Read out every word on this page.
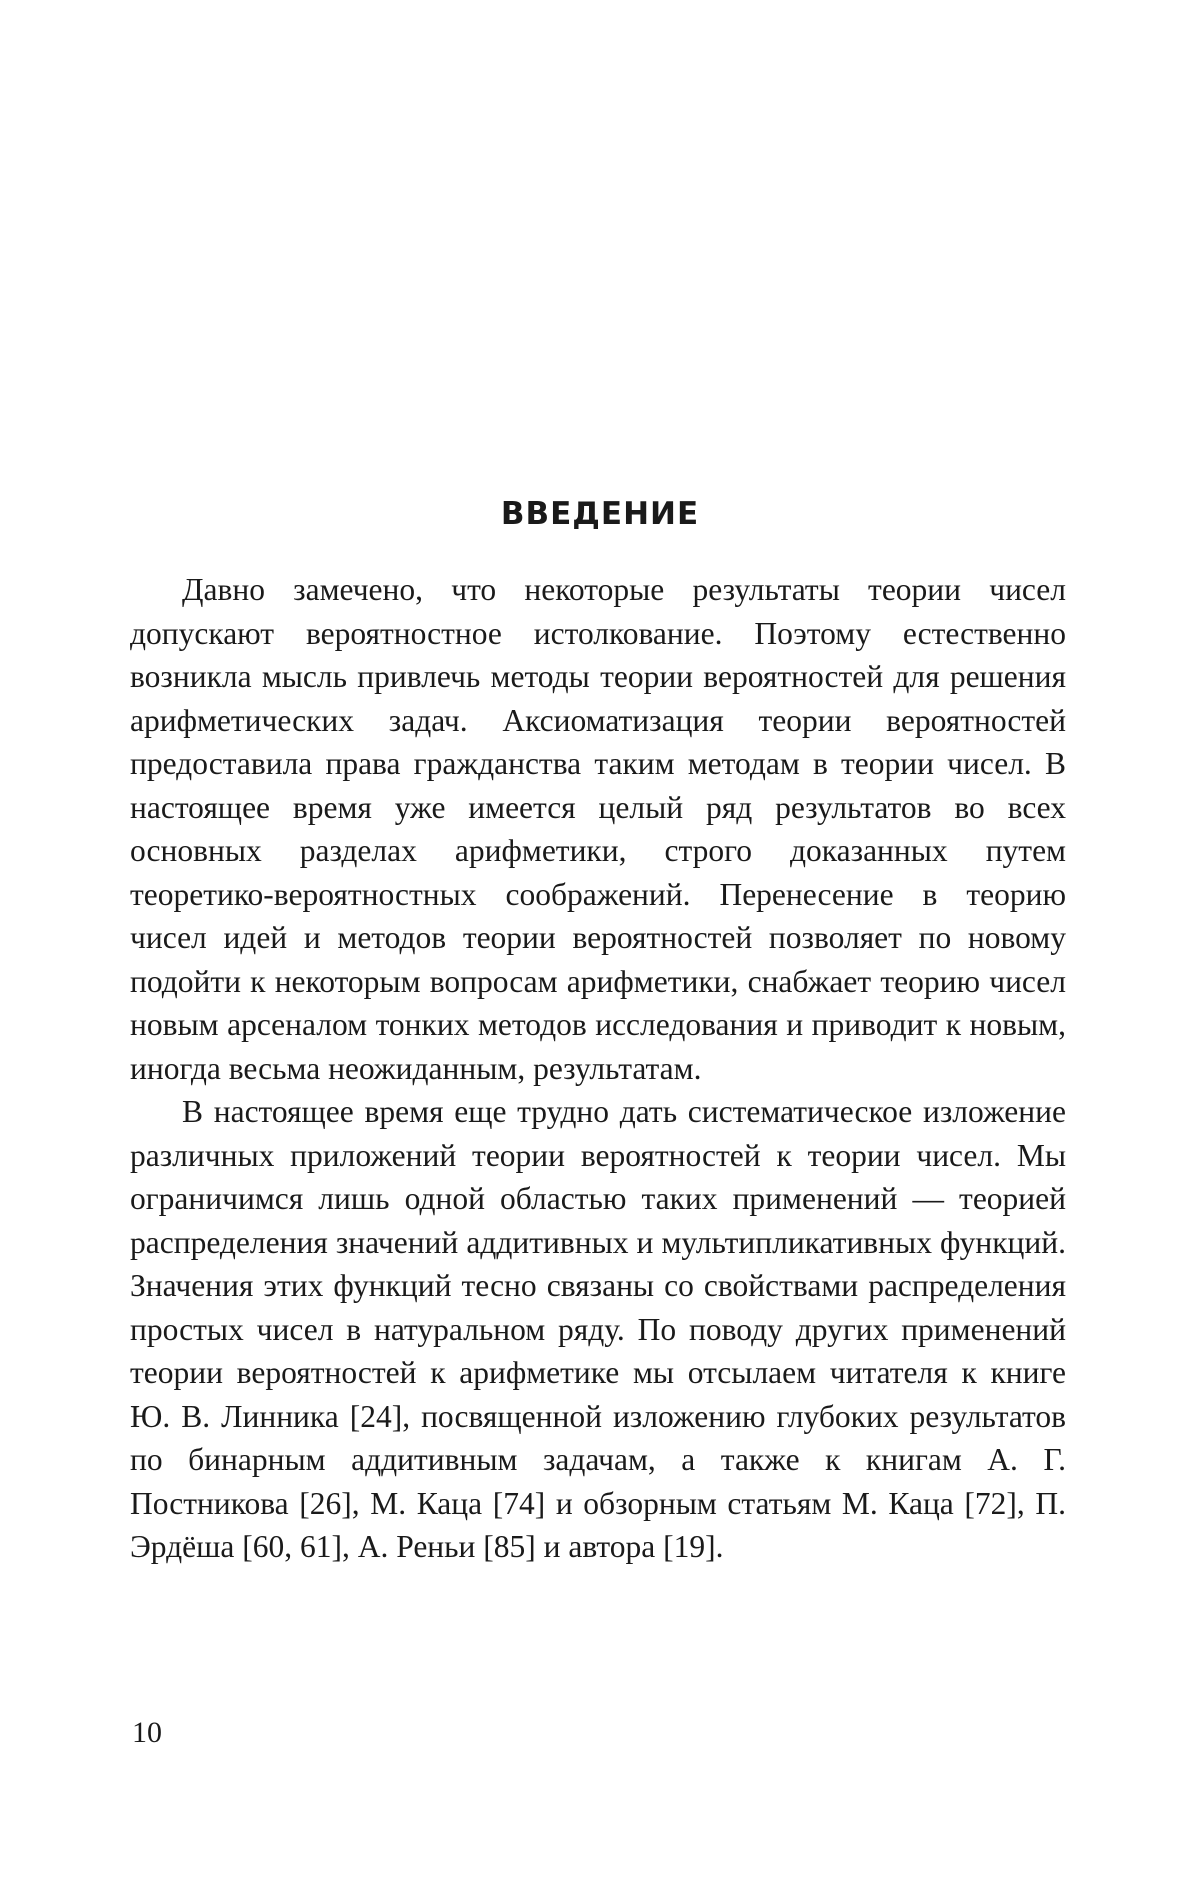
ВВЕДЕНИЕ

Давно замечено, что некоторые результаты теории чисел допускают вероятностное истолкование. Поэтому естественно возникла мысль привлечь методы теории вероятностей для решения арифметических задач. Аксиоматизация теории вероятностей предоставила права гражданства таким методам в теории чисел. В настоящее время уже имеется целый ряд результатов во всех основных разделах арифметики, строго доказанных путем теоретико-вероятностных соображений. Перенесение в теорию чисел идей и методов теории вероятностей позволяет по новому подойти к некоторым вопросам арифметики, снабжает теорию чисел новым арсеналом тонких методов исследования и приводит к новым, иногда весьма неожиданным, результатам.

В настоящее время еще трудно дать систематическое изложение различных приложений теории вероятностей к теории чисел. Мы ограничимся лишь одной областью таких применений — теорией распределения значений аддитивных и мультипликативных функций. Значения этих функций тесно связаны со свойствами распределения простых чисел в натуральном ряду. По поводу других применений теории вероятностей к арифметике мы отсылаем читателя к книге Ю. В. Линника [24], посвященной изложению глубоких результатов по бинарным аддитивным задачам, а также к книгам А. Г. Постникова [26], М. Каца [74] и обзорным статьям М. Каца [72], П. Эрдёша [60, 61], А. Реньи [85] и автора [19].

10
